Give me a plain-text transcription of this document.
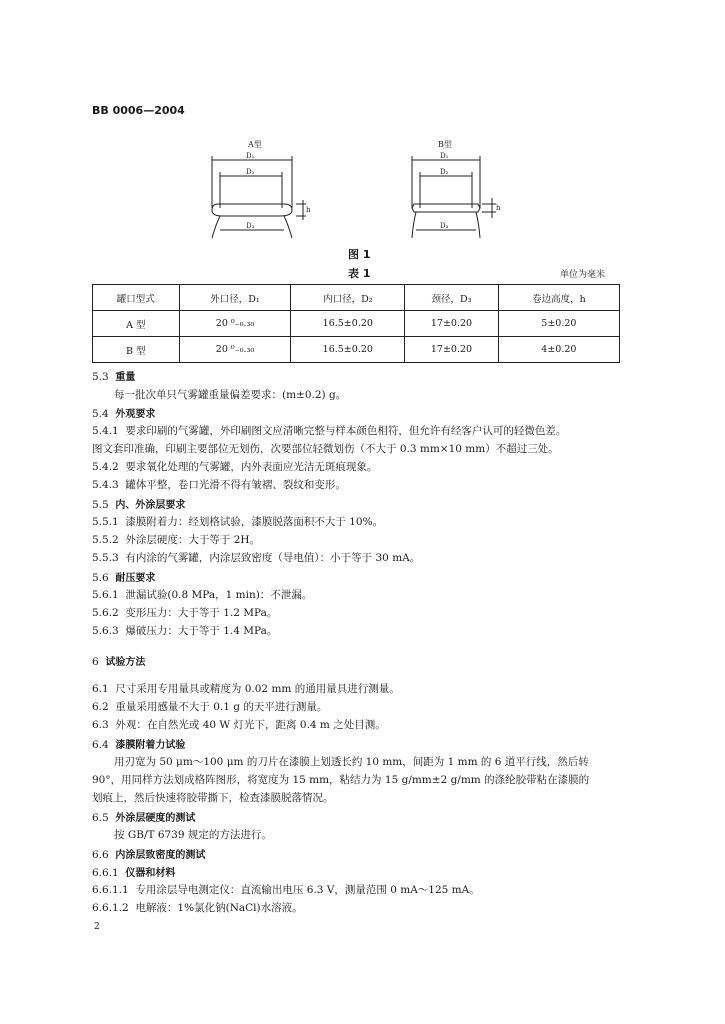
BB 0006—2004
A型
D₁
D₂
D₃
h
B型
D₁
D₂
D₃
h
图 1
表 1	单位为毫米
罐口型式	外口径，D₁	内口径，D₂	颈径，D₃	卷边高度，h
A 型	20 ⁰₋₀.₃₀	16.5±0.20	17±0.20	5±0.20
B 型	20 ⁰₋₀.₃₀	16.5±0.20	17±0.20	4±0.20
5.3 重量
每一批次单只气雾罐重量偏差要求：(m±0.2) g。
5.4 外观要求
5.4.1 要求印刷的气雾罐，外印刷图文应清晰完整与样本颜色相符，但允许有经客户认可的轻微色差。
图文套印准确，印刷主要部位无划伤，次要部位轻微划伤（不大于 0.3 mm×10 mm）不超过三处。
5.4.2 要求氧化处理的气雾罐，内外表面应光洁无斑痕现象。
5.4.3 罐体平整，卷口光滑不得有皱褶、裂纹和变形。
5.5 内、外涂层要求
5.5.1 漆膜附着力：经划格试验，漆膜脱落面积不大于 10%。
5.5.2 外涂层硬度：大于等于 2H。
5.5.3 有内涂的气雾罐，内涂层致密度（导电值）：小于等于 30 mA。
5.6 耐压要求
5.6.1 泄漏试验(0.8 MPa，1 min)：不泄漏。
5.6.2 变形压力：大于等于 1.2 MPa。
5.6.3 爆破压力：大于等于 1.4 MPa。
6 试验方法
6.1 尺寸采用专用量具或精度为 0.02 mm 的通用量具进行测量。
6.2 重量采用感量不大于 0.1 g 的天平进行测量。
6.3 外观：在自然光或 40 W 灯光下，距离 0.4 m 之处目测。
6.4 漆膜附着力试验
用刃宽为 50 μm～100 μm 的刀片在漆膜上划透长约 10 mm，间距为 1 mm 的 6 道平行线，然后转
90°，用同样方法划成格阵图形，将宽度为 15 mm，粘结力为 15 g/mm±2 g/mm 的涤纶胶带粘在漆膜的
划痕上，然后快速将胶带撕下，检查漆膜脱落情况。
6.5 外涂层硬度的测试
按 GB/T 6739 规定的方法进行。
6.6 内涂层致密度的测试
6.6.1 仪器和材料
6.6.1.1 专用涂层导电测定仪：直流输出电压 6.3 V，测量范围 0 mA～125 mA。
6.6.1.2 电解液：1%氯化钠(NaCl)水溶液。
2
